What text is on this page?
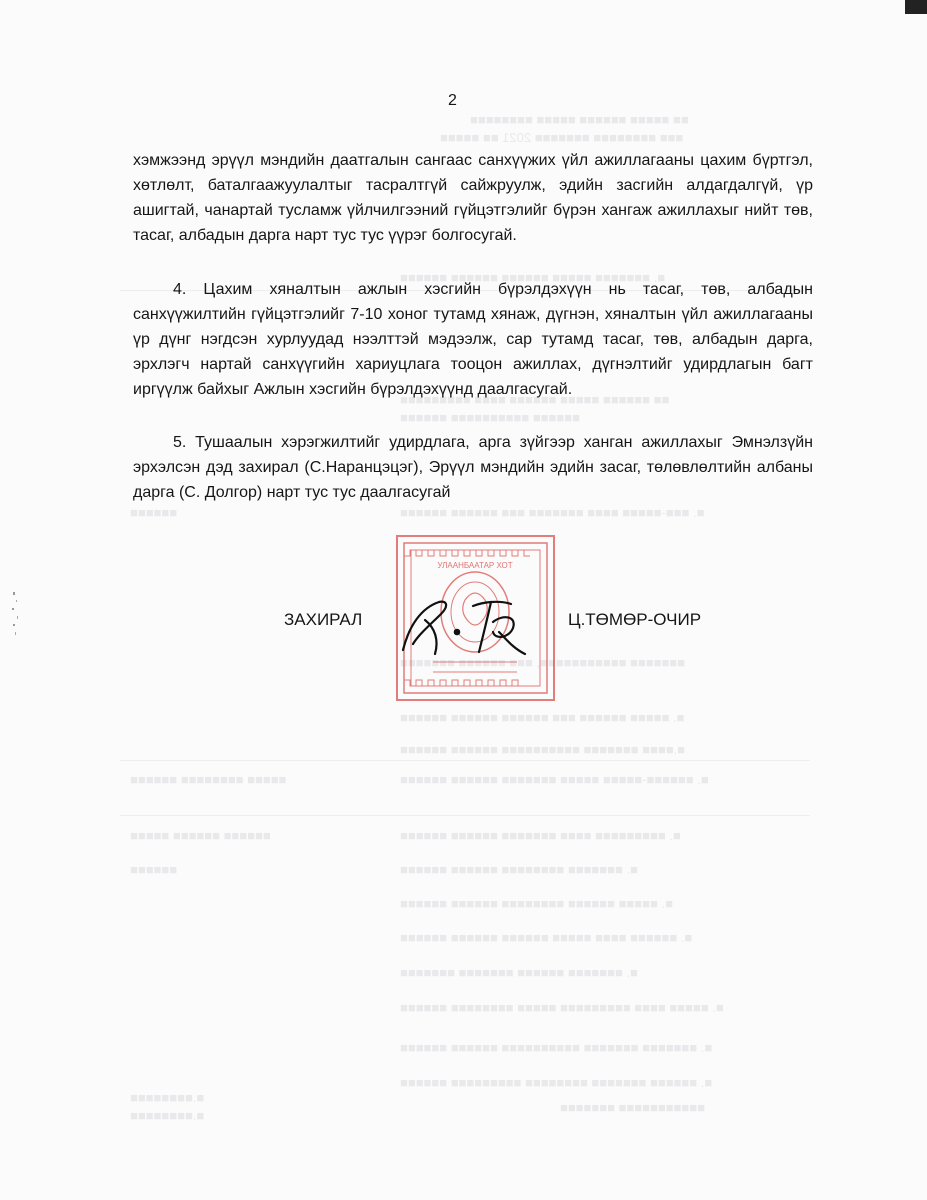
■■ ■■■■■ ■■■■■■ ■■■■■ ■■■■■■■■
■■■ ■■■■■■■■ ■■■■■■■ 2021 ■■ ■■■■■
■. ■■■■■■■ ■■■■■ ■■■■■■ ■■■■■■ ■■■■■■
■■ ■■■■■■ ■■■■■ ■■■■■■ ■■■■ ■■■■■■■■■
■■■■■■ ■■■■■■■■■■ ■■■■■■
■. ■■■-■■■■■ ■■■■ ■■■■■■■ ■■■ ■■■■■■ ■■■■■■
■■■■■■
■■■■■■■ ■■■■■■■■■■■, ■■■ ■■■■■■ ■■■■■■■
■. ■■■■■ ■■■■■■ ■■■ ■■■■■■ ■■■■■■ ■■■■■■
■.■■■■ ■■■■■■■ ■■■■■■■■■■ ■■■■■■ ■■■■■■
■■■■■ ■■■■■■■■ ■■■■■■	■. ■■■■■■-■■■■■ ■■■■■ ■■■■■■■ ■■■■■■ ■■■■■■
■■■■■■ ■■■■■■ ■■■■■	■. ■■■■■■■■■ ■■■■ ■■■■■■■ ■■■■■■ ■■■■■■
■■■■■■	■. ■■■■■■■ ■■■■■■■■ ■■■■■■ ■■■■■■
■. ■■■■■ ■■■■■■ ■■■■■■■■ ■■■■■■ ■■■■■■
■. ■■■■■■ ■■■■ ■■■■■ ■■■■■■ ■■■■■■ ■■■■■■
■. ■■■■■■■ ■■■■■■ ■■■■■■■ ■■■■■■■
■. ■■■■■ ■■■■ ■■■■■■■■■ ■■■■■ ■■■■■■■■ ■■■■■■
■. ■■■■■■■ ■■■■■■■ ■■■■■■■■■■ ■■■■■■ ■■■■■■
■. ■■■■■■ ■■■■■■■ ■■■■■■■■ ■■■■■■■■■ ■■■■■■
■.■■■■■■■■
■.■■■■■■■■
■■■■■■■■■■■ ■■■■■■■
2

хэмжээнд эрүүл мэндийн даатгалын сангаас санхүүжих үйл ажиллагааны цахим бүртгэл, хөтлөлт, баталгаажуулалтыг тасралтгүй сайжруулж, эдийн засгийн алдагдалгүй, үр ашигтай, чанартай тусламж үйлчилгээний гүйцэтгэлийг бүрэн хангаж ажиллахыг нийт төв, тасаг, албадын дарга нарт тус тус үүрэг болгосугай.

4. Цахим хяналтын ажлын хэсгийн бүрэлдэхүүн нь тасаг, төв, албадын санхүүжилтийн гүйцэтгэлийг 7-10 хоног тутамд хянаж, дүгнэн, хяналтын үйл ажиллагааны үр дүнг нэгдсэн хурлуудад нээлттэй мэдээлж, сар тутамд тасаг, төв, албадын дарга, эрхлэгч нартай санхүүгийн хариуцлага тооцон ажиллах, дүгнэлтийг удирдлагын багт иргүүлж байхыг Ажлын хэсгийн бүрэлдэхүүнд даалгасугай.

5. Тушаалын хэрэгжилтийг удирдлага, арга зүйгээр ханган ажиллахыг Эмнэлзүйн эрхэлсэн дэд захирал (С.Наранцэцэг), Эрүүл мэндийн эдийн засаг, төлөвлөлтийн албаны дарга (С. Долгор) нарт тус тус даалгасугай

УЛААНБААТАР ХОТ
ЗАХИРАЛ	Ц.ТӨМӨР-ОЧИР
